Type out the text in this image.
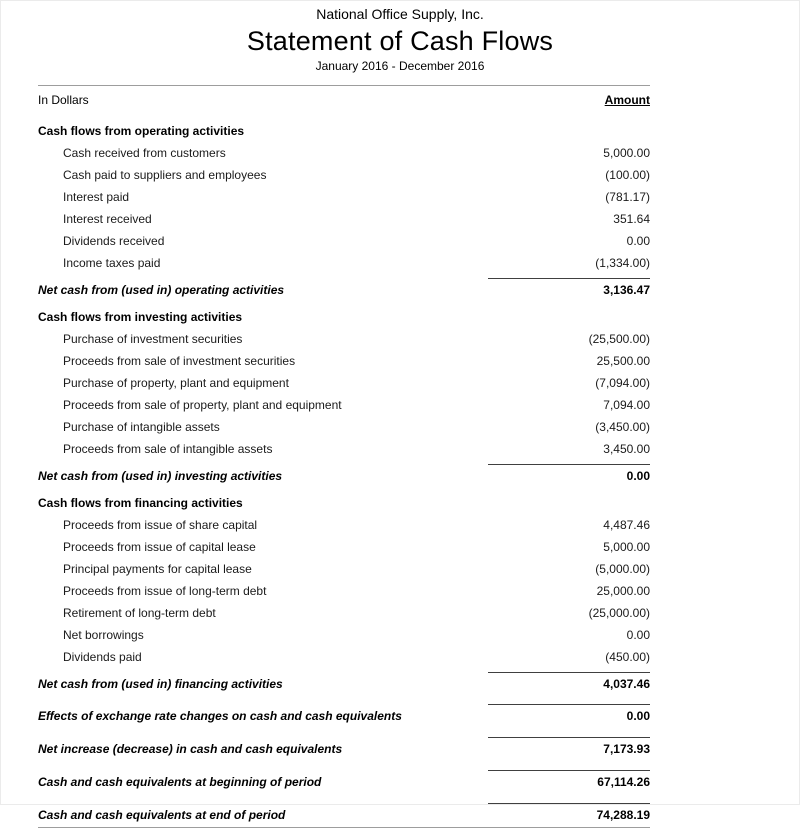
National Office Supply, Inc.
Statement of Cash Flows
January 2016 - December 2016
In Dollars	Amount
Cash flows from operating activities
Cash received from customers	5,000.00
Cash paid to suppliers and employees	(100.00)
Interest paid	(781.17)
Interest received	351.64
Dividends received	0.00
Income taxes paid	(1,334.00)
Net cash from (used in) operating activities	3,136.47
Cash flows from investing activities
Purchase of investment securities	(25,500.00)
Proceeds from sale of investment securities	25,500.00
Purchase of property, plant and equipment	(7,094.00)
Proceeds from sale of property, plant and equipment	7,094.00
Purchase of intangible assets	(3,450.00)
Proceeds from sale of intangible assets	3,450.00
Net cash from (used in) investing activities	0.00
Cash flows from financing activities
Proceeds from issue of share capital	4,487.46
Proceeds from issue of capital lease	5,000.00
Principal payments for capital lease	(5,000.00)
Proceeds from issue of long-term debt	25,000.00
Retirement of long-term debt	(25,000.00)
Net borrowings	0.00
Dividends paid	(450.00)
Net cash from (used in) financing activities	4,037.46
Effects of exchange rate changes on cash and cash equivalents	0.00
Net increase (decrease) in cash and cash equivalents	7,173.93
Cash and cash equivalents at beginning of period	67,114.26
Cash and cash equivalents at end of period	74,288.19
